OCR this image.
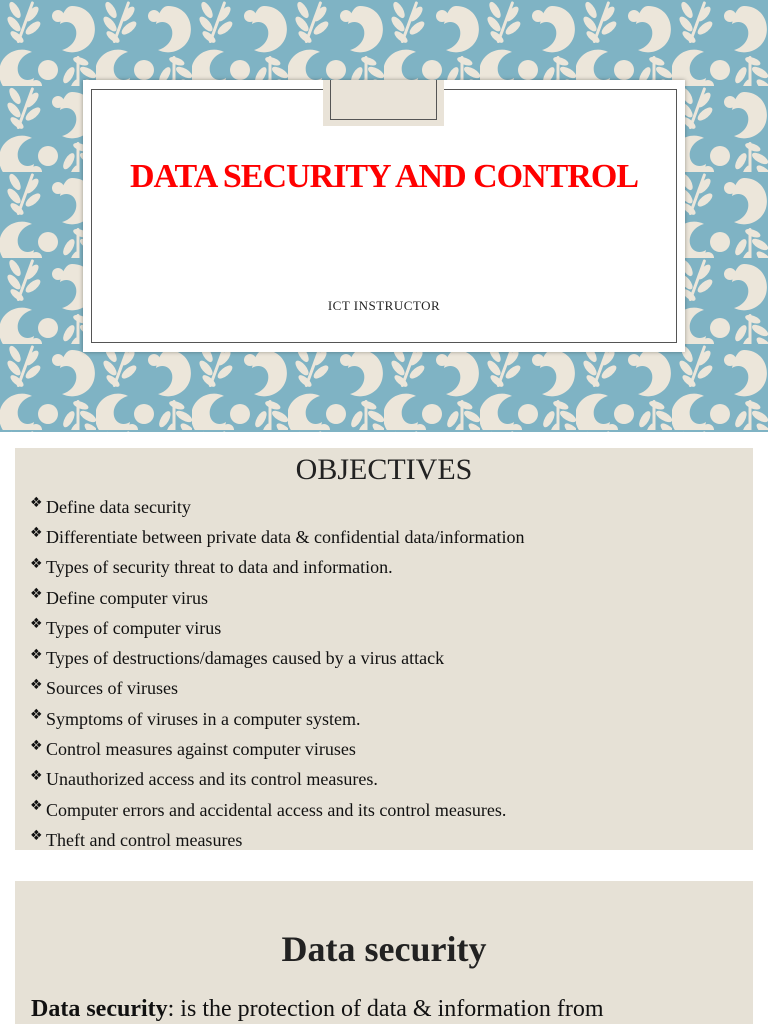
DATA SECURITY AND CONTROL
ICT INSTRUCTOR
OBJECTIVES
❖ Define data security
❖ Differentiate between private data & confidential data/information
❖ Types of security threat to data and information.
❖ Define computer virus
❖ Types of computer virus
❖ Types of destructions/damages caused by a virus attack
❖ Sources of viruses
❖ Symptoms of viruses in a computer system.
❖ Control measures against computer viruses
❖ Unauthorized access and its control measures.
❖ Computer errors and accidental access and its control measures.
❖ Theft and control measures
Data security
Data security: is the protection of data & information from
